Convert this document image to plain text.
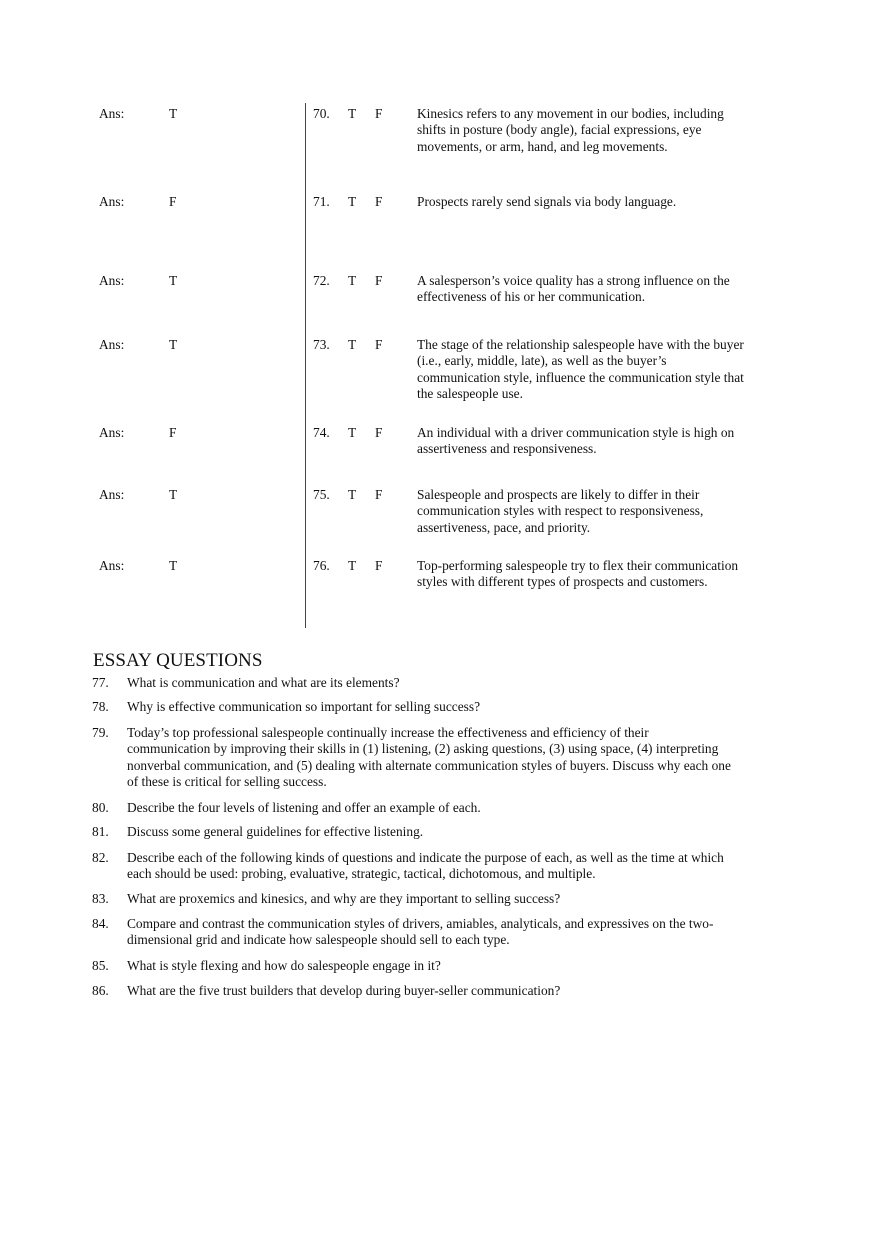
Ans:	T	70. T F	Kinesics refers to any movement in our bodies, including shifts in posture (body angle), facial expressions, eye movements, or arm, hand, and leg movements.
Ans:	F	71. T F	Prospects rarely send signals via body language.
Ans:	T	72. T F	A salesperson’s voice quality has a strong influence on the effectiveness of his or her communication.
Ans:	T	73. T F	The stage of the relationship salespeople have with the buyer (i.e., early, middle, late), as well as the buyer’s communication style, influence the communication style that the salespeople use.
Ans:	F	74. T F	An individual with a driver communication style is high on assertiveness and responsiveness.
Ans:	T	75. T F	Salespeople and prospects are likely to differ in their communication styles with respect to responsiveness, assertiveness, pace, and priority.
Ans:	T	76. T F	Top-performing salespeople try to flex their communication styles with different types of prospects and customers.
ESSAY QUESTIONS
77. What is communication and what are its elements?
78. Why is effective communication so important for selling success?
79. Today’s top professional salespeople continually increase the effectiveness and efficiency of their communication by improving their skills in (1) listening, (2) asking questions, (3) using space, (4) interpreting nonverbal communication, and (5) dealing with alternate communication styles of buyers. Discuss why each one of these is critical for selling success.
80. Describe the four levels of listening and offer an example of each.
81. Discuss some general guidelines for effective listening.
82. Describe each of the following kinds of questions and indicate the purpose of each, as well as the time at which each should be used: probing, evaluative, strategic, tactical, dichotomous, and multiple.
83. What are proxemics and kinesics, and why are they important to selling success?
84. Compare and contrast the communication styles of drivers, amiables, analyticals, and expressives on the two-dimensional grid and indicate how salespeople should sell to each type.
85. What is style flexing and how do salespeople engage in it?
86. What are the five trust builders that develop during buyer-seller communication?
